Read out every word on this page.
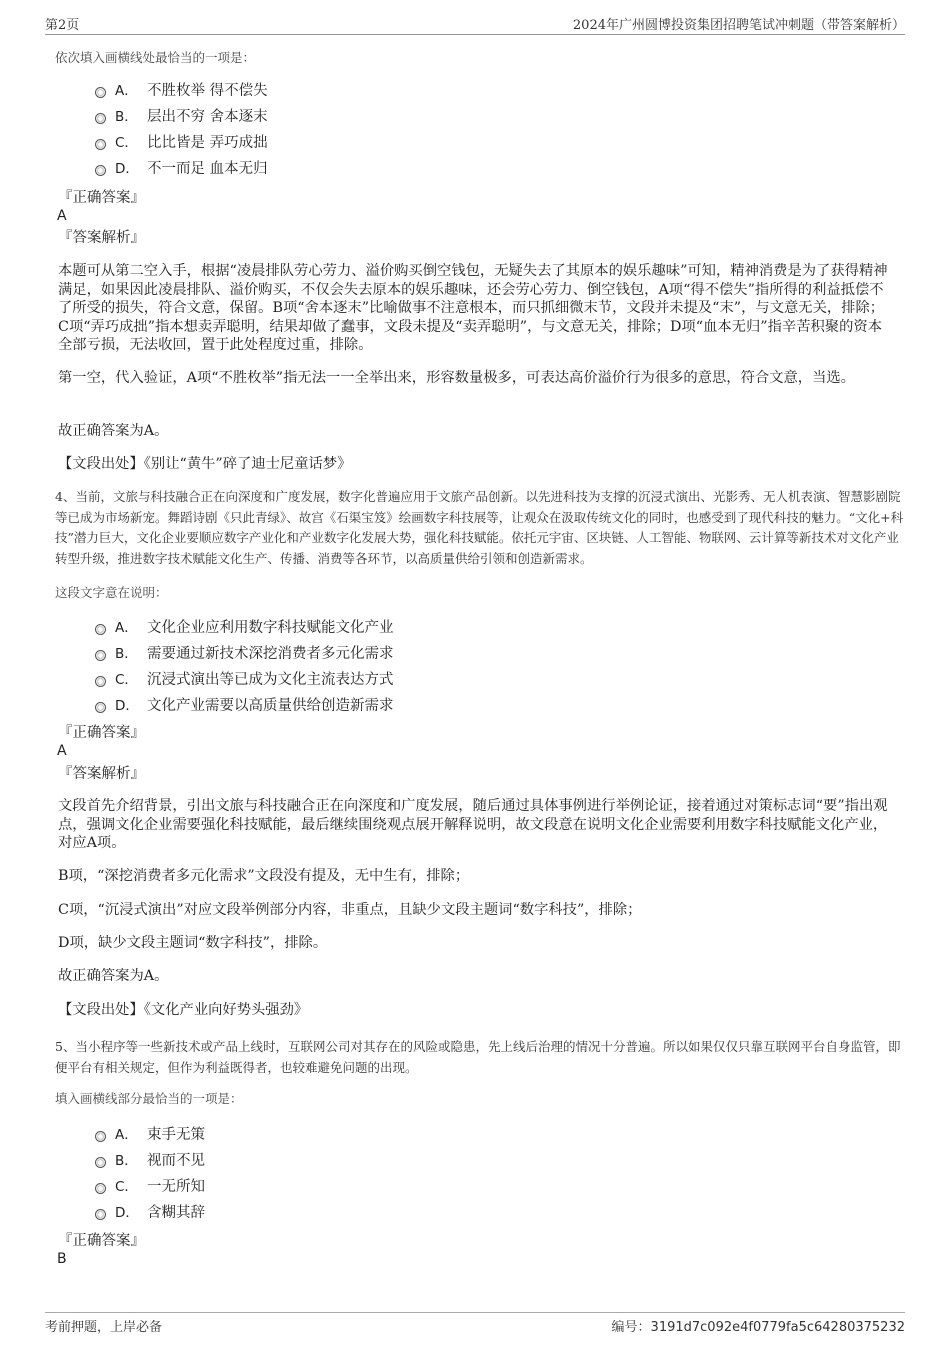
第2页	2024年广州圆博投资集团招聘笔试冲刺题（带答案解析）
依次填入画横线处最恰当的一项是：
A． 不胜枚举 得不偿失
B． 层出不穷 舍本逐末
C． 比比皆是 弄巧成拙
D． 不一而足 血本无归
『正确答案』
A
『答案解析』
本题可从第二空入手，根据“凌晨排队劳心劳力、溢价购买倒空钱包，无疑失去了其原本的娱乐趣味”可知，精神消费是为了获得精神满足，如果因此凌晨排队、溢价购买，不仅会失去原本的娱乐趣味，还会劳心劳力、倒空钱包，A项“得不偿失”指所得的利益抵偿不了所受的损失，符合文意，保留。B项“舍本逐末”比喻做事不注意根本，而只抓细微末节，文段并未提及“末”，与文意无关，排除；C项“弄巧成拙”指本想卖弄聪明，结果却做了蠢事，文段未提及“卖弄聪明”，与文意无关，排除；D项“血本无归”指辛苦积聚的资本全部亏损，无法收回，置于此处程度过重，排除。
第一空，代入验证，A项“不胜枚举”指无法一一全举出来，形容数量极多，可表达高价溢价行为很多的意思，符合文意，当选。
故正确答案为A。
【文段出处】《别让“黄牛”碎了迪士尼童话梦》
4、当前，文旅与科技融合正在向深度和广度发展，数字化普遍应用于文旅产品创新。以先进科技为支撑的沉浸式演出、光影秀、无人机表演、智慧影剧院等已成为市场新宠。舞蹈诗剧《只此青绿》、故宫《石渠宝笈》绘画数字科技展等，让观众在汲取传统文化的同时，也感受到了现代科技的魅力。“文化+科技”潜力巨大，文化企业要顺应数字产业化和产业数字化发展大势，强化科技赋能。依托元宇宙、区块链、人工智能、物联网、云计算等新技术对文化产业转型升级，推进数字技术赋能文化生产、传播、消费等各环节，以高质量供给引领和创造新需求。
这段文字意在说明：
A． 文化企业应利用数字科技赋能文化产业
B． 需要通过新技术深挖消费者多元化需求
C． 沉浸式演出等已成为文化主流表达方式
D． 文化产业需要以高质量供给创造新需求
『正确答案』
A
『答案解析』
文段首先介绍背景，引出文旅与科技融合正在向深度和广度发展，随后通过具体事例进行举例论证，接着通过对策标志词“要”指出观点，强调文化企业需要强化科技赋能，最后继续围绕观点展开解释说明，故文段意在说明文化企业需要利用数字科技赋能文化产业，对应A项。
B项，“深挖消费者多元化需求”文段没有提及，无中生有，排除；
C项，“沉浸式演出”对应文段举例部分内容，非重点，且缺少文段主题词“数字科技”，排除；
D项，缺少文段主题词“数字科技”，排除。
故正确答案为A。
【文段出处】《文化产业向好势头强劲》
5、当小程序等一些新技术或产品上线时，互联网公司对其存在的风险或隐患，先上线后治理的情况十分普遍。所以如果仅仅只靠互联网平台自身监管，即便平台有相关规定，但作为利益既得者，也较难避免问题的出现。
填入画横线部分最恰当的一项是：
A． 束手无策
B． 视而不见
C． 一无所知
D． 含糊其辞
『正确答案』
B
考前押题，上岸必备	编号：3191d7c092e4f0779fa5c64280375232
